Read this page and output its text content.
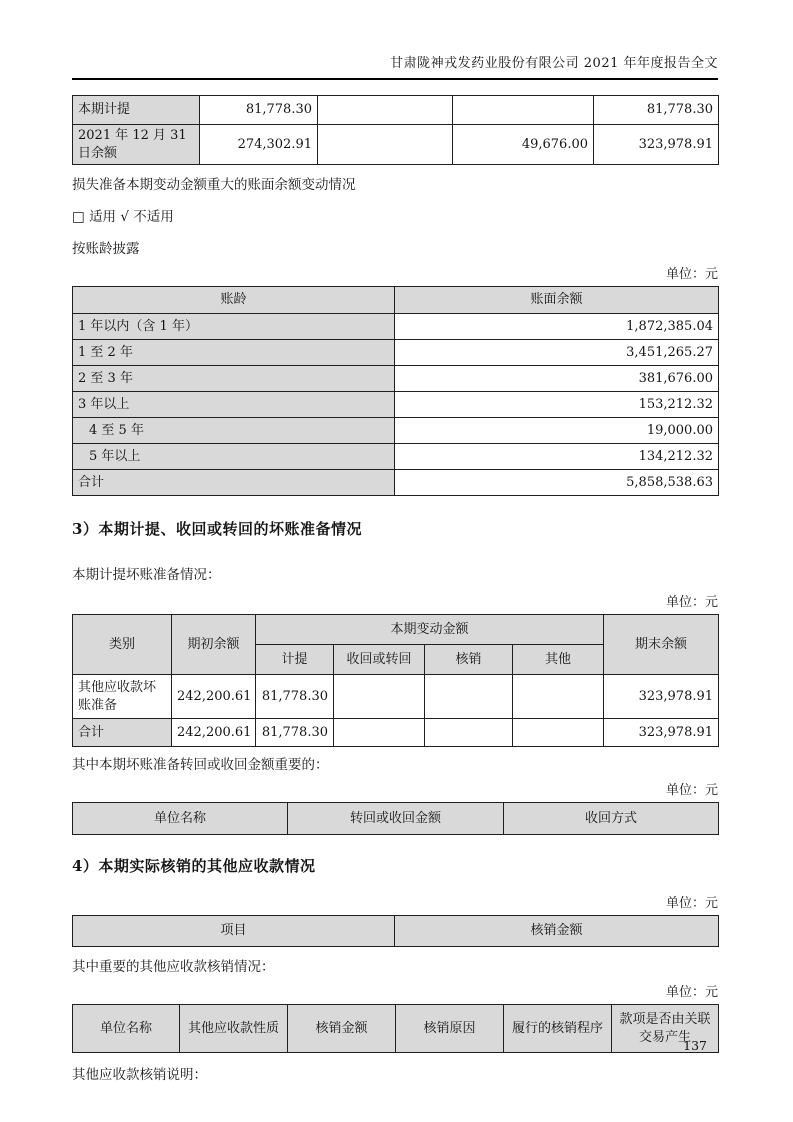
甘肃陇神戎发药业股份有限公司 2021 年年度报告全文
本期计提	81,778.30			81,778.30
2021 年 12 月 31 日余额	274,302.91		49,676.00	323,978.91
损失准备本期变动金额重大的账面余额变动情况
□ 适用 √ 不适用
按账龄披露
单位：元
账龄	账面余额
1 年以内（含 1 年）	1,872,385.04
1 至 2 年	3,451,265.27
2 至 3 年	381,676.00
3 年以上	153,212.32
4 至 5 年	19,000.00
5 年以上	134,212.32
合计	5,858,538.63
3）本期计提、收回或转回的坏账准备情况
本期计提坏账准备情况：
单位：元
类别	期初余额	本期变动金额				期末余额
		计提	收回或转回	核销	其他	
其他应收款坏账准备	242,200.61	81,778.30				323,978.91
合计	242,200.61	81,778.30				323,978.91
其中本期坏账准备转回或收回金额重要的：
单位：元
单位名称	转回或收回金额	收回方式
4）本期实际核销的其他应收款情况
单位：元
项目	核销金额
其中重要的其他应收款核销情况：
单位：元
单位名称	其他应收款性质	核销金额	核销原因	履行的核销程序	款项是否由关联交易产生
其他应收款核销说明：
137
